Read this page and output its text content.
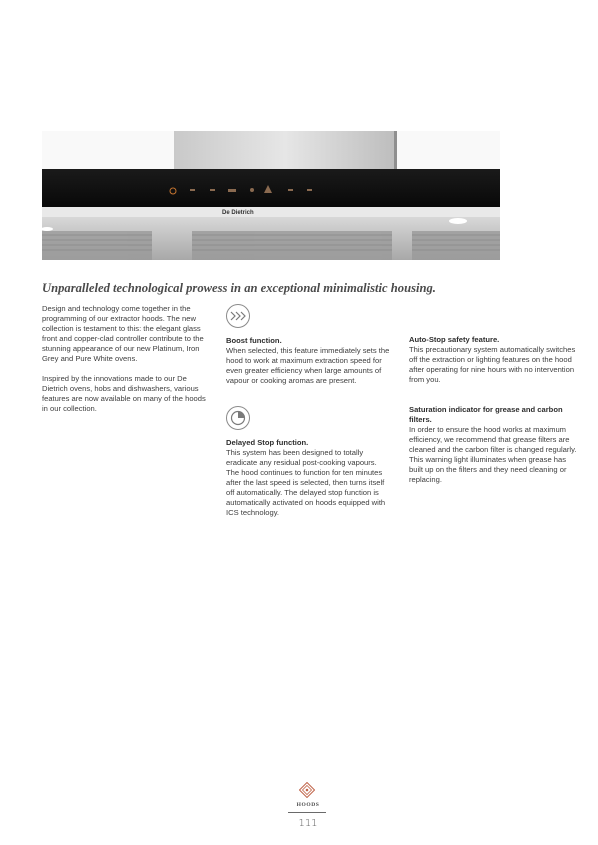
De Dietrich
Unparalleled technological prowess in an exceptional minimalistic housing.

Design and technology come together in the programming of our extractor hoods. The new collection is testament to this: the elegant glass front and copper-clad controller contribute to the stunning appearance of our new Platinum, Iron Grey and Pure White ovens.

Inspired by the innovations made to our De Dietrich ovens, hobs and dishwashers, various features are now available on many of the hoods in our collection.

Boost function.
When selected, this feature immediately sets the hood to work at maximum extraction speed for even greater efficiency when large amounts of vapour or cooking aromas are present.
Delayed Stop function.
This system has been designed to totally eradicate any residual post-cooking vapours. The hood continues to function for ten minutes after the last speed is selected, then turns itself off automatically. The delayed stop function is automatically activated on hoods equipped with ICS technology.
Auto-Stop safety feature.
This precautionary system automatically switches off the extraction or lighting features on the hood after operating for nine hours with no intervention from you.
Saturation indicator for grease and carbon filters.
In order to ensure the hood works at maximum efficiency, we recommend that grease filters are cleaned and the carbon filter is changed regularly. This warning light illuminates when grease has built up on the filters and they need cleaning or replacing.
HOODS
111
